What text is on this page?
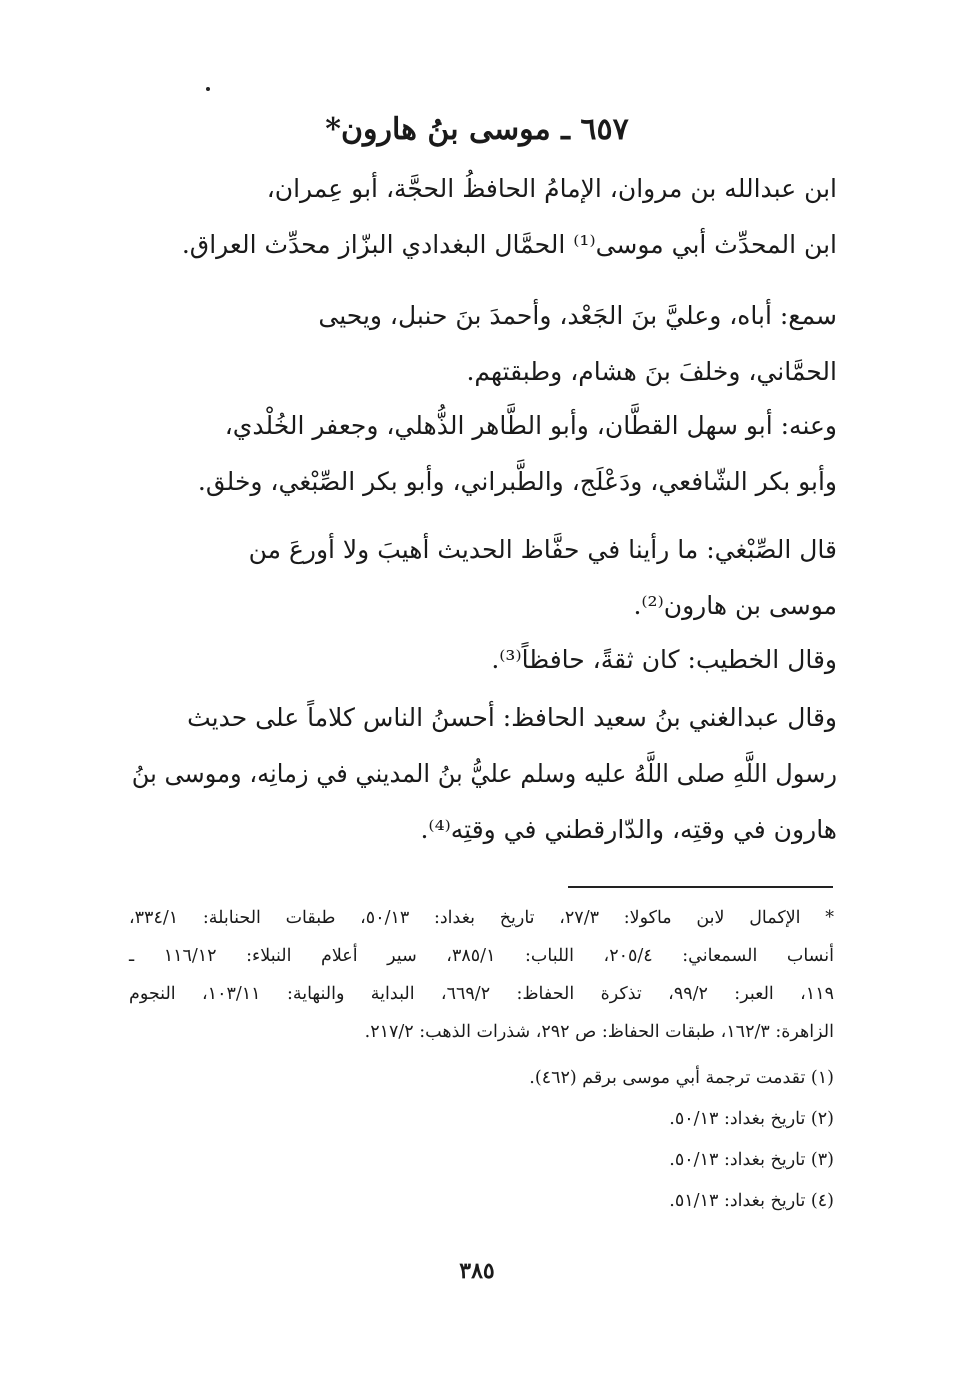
٦٥٧ ـ موسى بنُ هارون*
ابن عبدالله بن مروان، الإمامُ الحافظُ الحجَّة، أبو عِمران،
ابن المحدِّث أبي موسى⁽¹⁾ الحمَّال البغدادي البزّاز محدِّث العراق.
سمع: أباه، وعليَّ بنَ الجَعْد، وأحمدَ بنَ حنبل، ويحيى
الحمَّاني، وخلفَ بنَ هشام، وطبقتهم.
وعنه: أبو سهل القطَّان، وأبو الطَّاهر الذُّهلي، وجعفر الخُلْدي،
وأبو بكر الشّافعي، ودَعْلَج، والطَّبراني، وأبو بكر الصِّبْغي، وخلق.
قال الصِّبْغي: ما رأينا في حفَّاظ الحديث أهيبَ ولا أورعَ من
موسى بن هارون⁽²⁾.
وقال الخطيب: كان ثقةً، حافظاً⁽³⁾.
وقال عبدالغني بنُ سعيد الحافظ: أحسنُ الناس كلاماً على حديث
رسول اللَّهِ صلى اللَّهُ عليه وسلم عليُّ بنُ المديني في زمانِه، وموسى بنُ
هارون في وقتِه، والدّارقطني في وقتِه⁽⁴⁾.
* الإكمال لابن ماكولا: ٢٧/٣، تاريخ بغداد: ٥٠/١٣، طبقات الحنابلة: ٣٣٤/١،
أنساب السمعاني: ٢٠٥/٤، اللباب: ٣٨٥/١، سير أعلام النبلاء: ١١٦/١٢ ـ
١١٩، العبر: ٩٩/٢، تذكرة الحفاظ: ٦٦٩/٢، البداية والنهاية: ١٠٣/١١، النجوم
الزاهرة: ١٦٢/٣، طبقات الحفاظ: ص ٢٩٢، شذرات الذهب: ٢١٧/٢.
(١) تقدمت ترجمة أبي موسى برقم (٤٦٢).
(٢) تاريخ بغداد: ٥٠/١٣.
(٣) تاريخ بغداد: ٥٠/١٣.
(٤) تاريخ بغداد: ٥١/١٣.
٣٨٥
